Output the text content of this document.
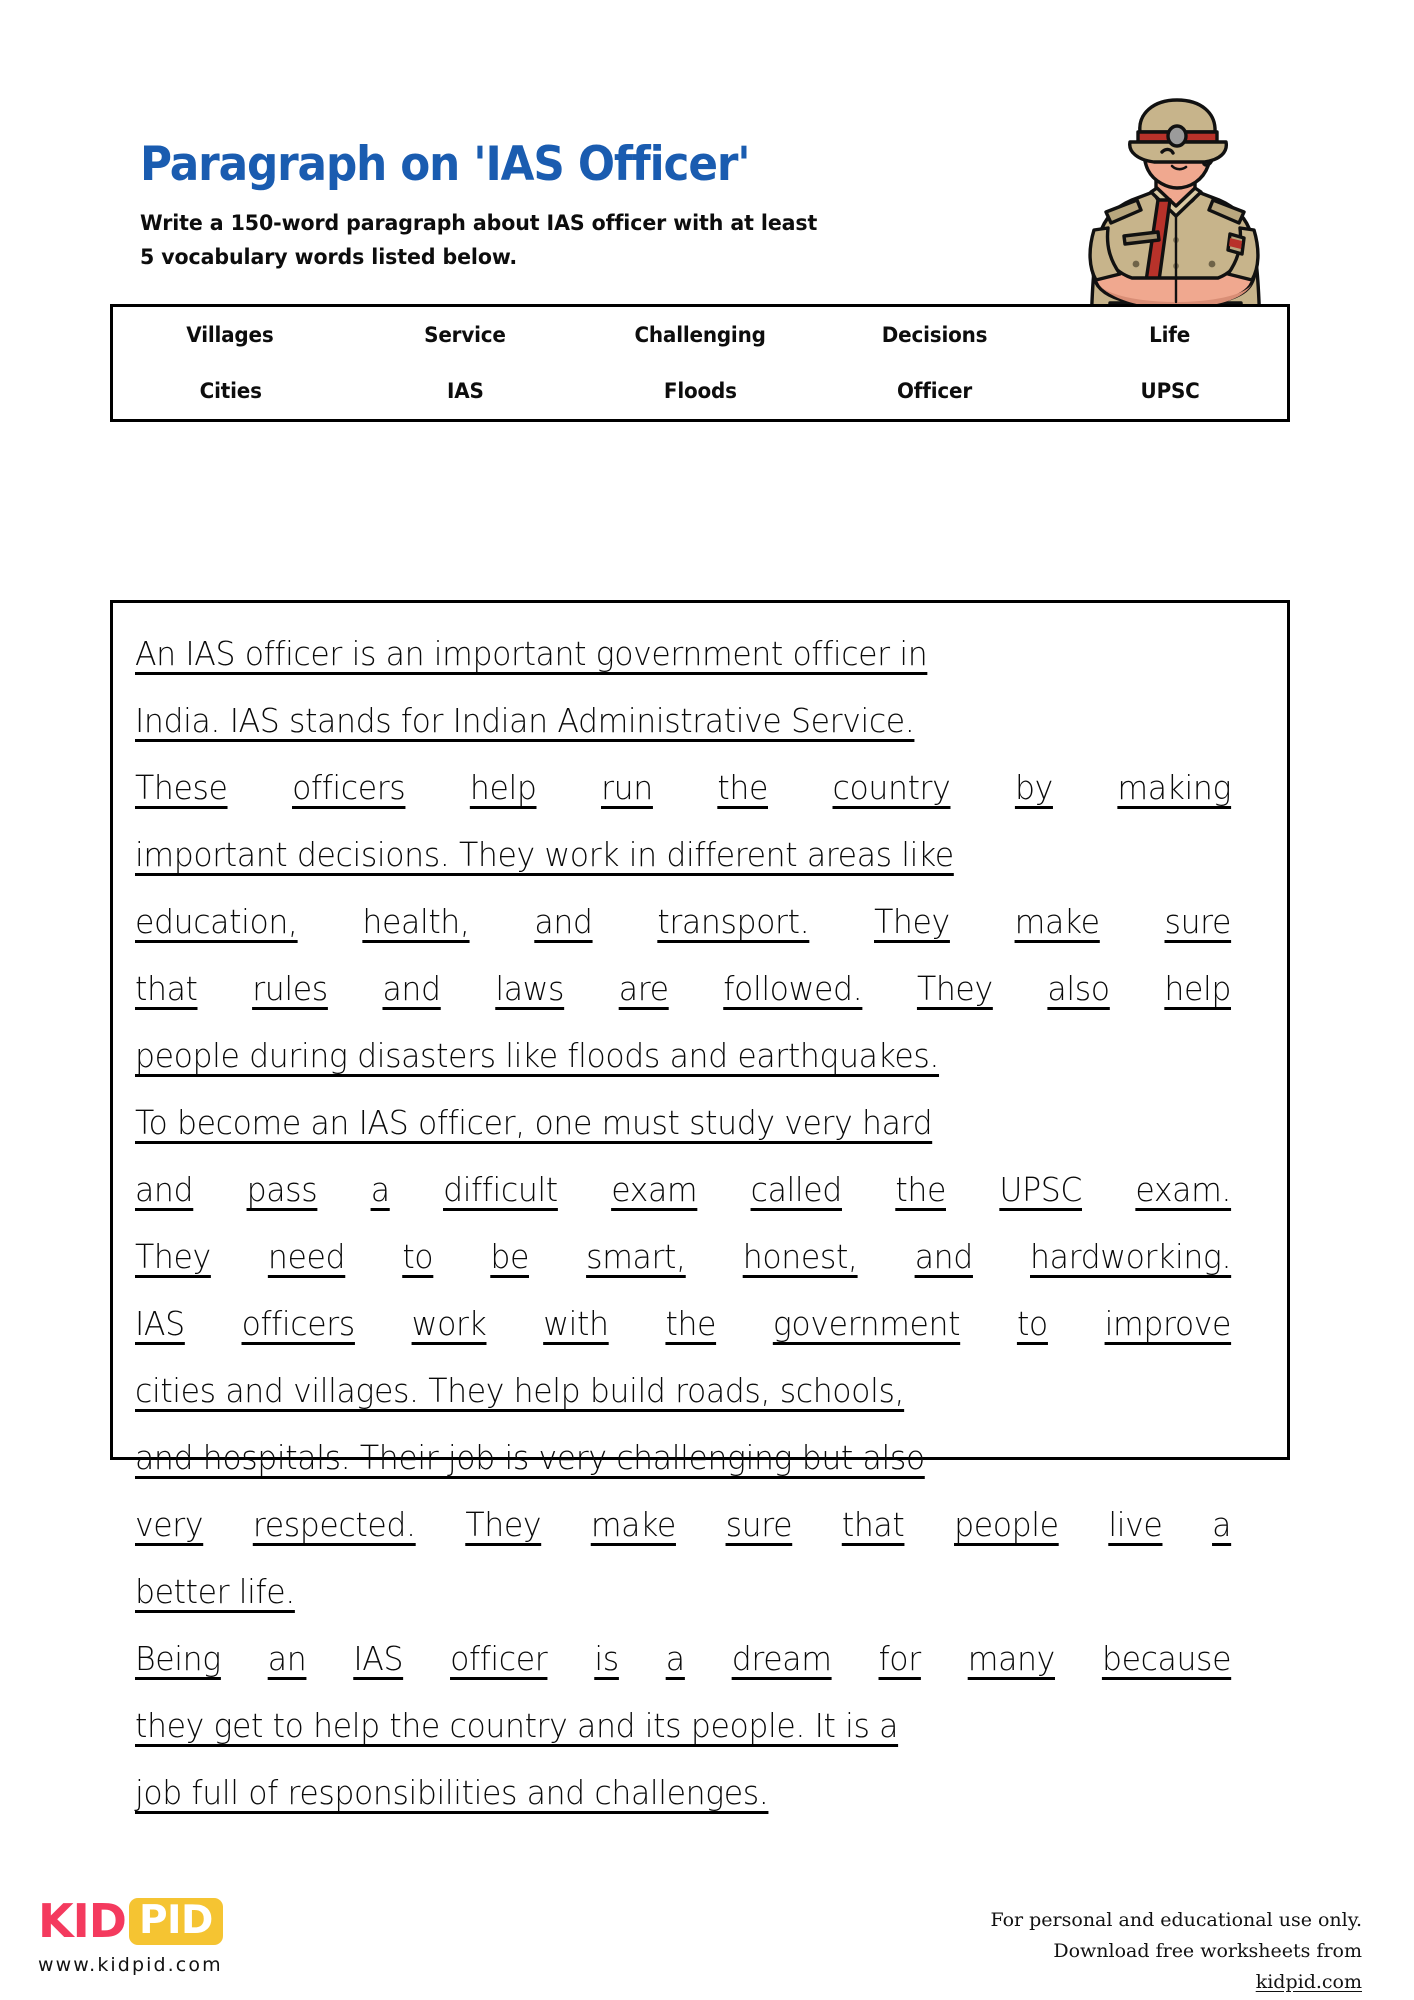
Paragraph on 'IAS Officer'
Write a 150-word paragraph about IAS officer with at least
5 vocabulary words listed below.
Villages	Service	Challenging	Decisions	Life
Cities	IAS	Floods	Officer	UPSC
An IAS officer is an important government officer in
India. IAS stands for Indian Administrative Service.
These officers help run the country by making
important decisions. They work in different areas like
education, health, and transport. They make sure
that rules and laws are followed. They also help
people during disasters like floods and earthquakes.
To become an IAS officer, one must study very hard
and pass a difficult exam called the UPSC exam.
They need to be smart, honest, and hardworking.
IAS officers work with the government to improve
cities and villages. They help build roads, schools,
and hospitals. Their job is very challenging but also
very respected. They make sure that people live a
better life.
Being an IAS officer is a dream for many because
they get to help the country and its people. It is a
job full of responsibilities and challenges.
KID PID
www.kidpid.com
For personal and educational use only.
Download free worksheets from
kidpid.com
